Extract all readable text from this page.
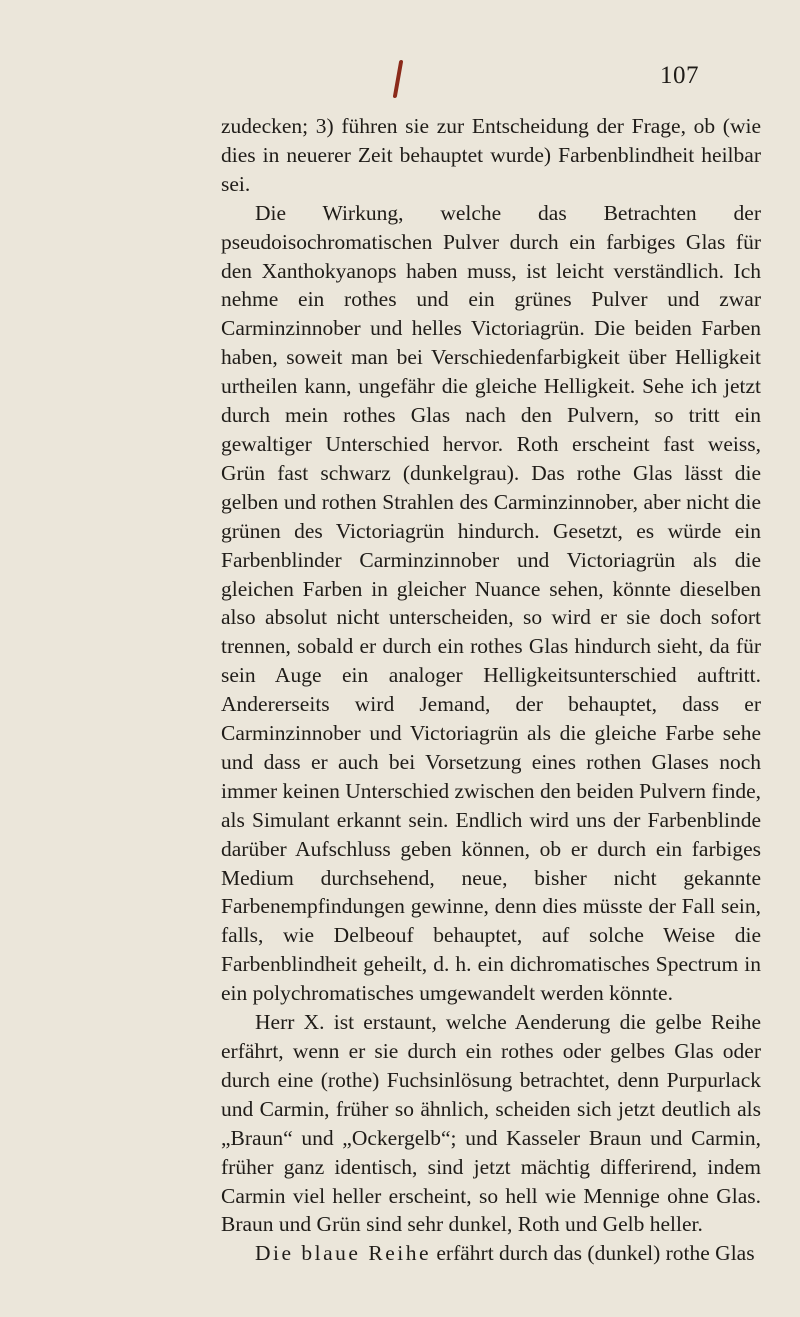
107

zudecken; 3) führen sie zur Entscheidung der Frage, ob (wie dies in neuerer Zeit behauptet wurde) Farbenblindheit heilbar sei.

Die Wirkung, welche das Betrachten der pseudoisochromatischen Pulver durch ein farbiges Glas für den Xanthokyanops haben muss, ist leicht verständlich. Ich nehme ein rothes und ein grünes Pulver und zwar Carminzinnober und helles Victoriagrün. Die beiden Farben haben, soweit man bei Verschiedenfarbigkeit über Helligkeit urtheilen kann, ungefähr die gleiche Helligkeit. Sehe ich jetzt durch mein rothes Glas nach den Pulvern, so tritt ein gewaltiger Unterschied hervor. Roth erscheint fast weiss, Grün fast schwarz (dunkelgrau). Das rothe Glas lässt die gelben und rothen Strahlen des Carminzinnober, aber nicht die grünen des Victoriagrün hindurch. Gesetzt, es würde ein Farbenblinder Carminzinnober und Victoriagrün als die gleichen Farben in gleicher Nuance sehen, könnte dieselben also absolut nicht unterscheiden, so wird er sie doch sofort trennen, sobald er durch ein rothes Glas hindurch sieht, da für sein Auge ein analoger Helligkeitsunterschied auftritt. Andererseits wird Jemand, der behauptet, dass er Carminzinnober und Victoriagrün als die gleiche Farbe sehe und dass er auch bei Vorsetzung eines rothen Glases noch immer keinen Unterschied zwischen den beiden Pulvern finde, als Simulant erkannt sein. Endlich wird uns der Farbenblinde darüber Aufschluss geben können, ob er durch ein farbiges Medium durchsehend, neue, bisher nicht gekannte Farbenempfindungen gewinne, denn dies müsste der Fall sein, falls, wie Delbeouf behauptet, auf solche Weise die Farbenblindheit geheilt, d. h. ein dichromatisches Spectrum in ein polychromatisches umgewandelt werden könnte.

Herr X. ist erstaunt, welche Aenderung die gelbe Reihe erfährt, wenn er sie durch ein rothes oder gelbes Glas oder durch eine (rothe) Fuchsinlösung betrachtet, denn Purpurlack und Carmin, früher so ähnlich, scheiden sich jetzt deutlich als „Braun“ und „Ockergelb“; und Kasseler Braun und Carmin, früher ganz identisch, sind jetzt mächtig differirend, indem Carmin viel heller erscheint, so hell wie Mennige ohne Glas. Braun und Grün sind sehr dunkel, Roth und Gelb heller.

Die blaue Reihe erfährt durch das (dunkel) rothe Glas
